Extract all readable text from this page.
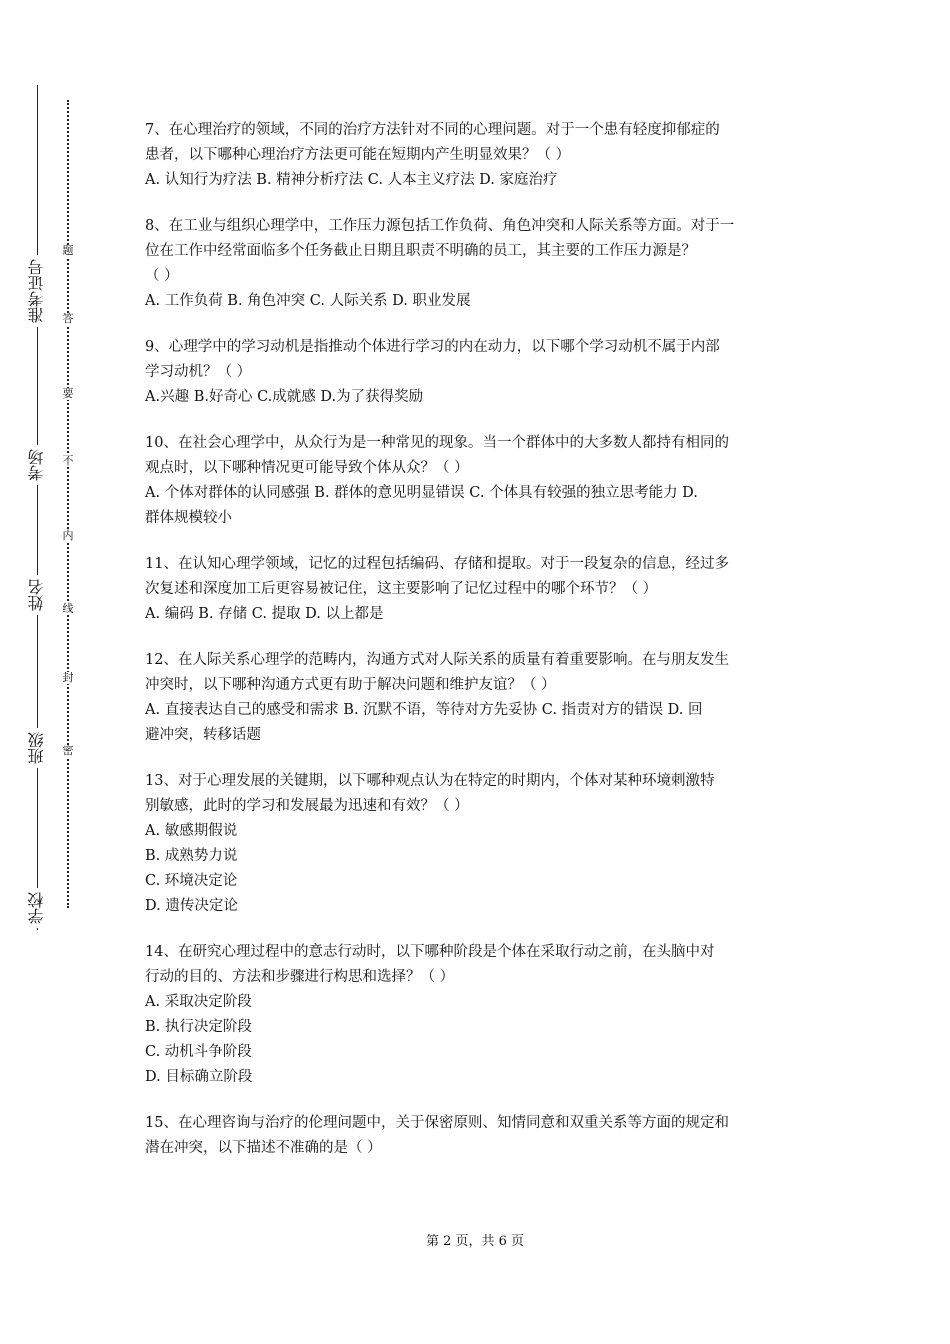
准考证号
考场
姓名
班级
学校
题
答
要
不
内
线
封
密

7、在心理治疗的领域，不同的治疗方法针对不同的心理问题。对于一个患有轻度抑郁症的

患者，以下哪种心理治疗方法更可能在短期内产生明显效果？（ ）

A. 认知行为疗法 B. 精神分析疗法 C. 人本主义疗法 D. 家庭治疗

8、在工业与组织心理学中，工作压力源包括工作负荷、角色冲突和人际关系等方面。对于一

位在工作中经常面临多个任务截止日期且职责不明确的员工，其主要的工作压力源是？

（ ）

A. 工作负荷 B. 角色冲突 C. 人际关系 D. 职业发展

9、心理学中的学习动机是指推动个体进行学习的内在动力，以下哪个学习动机不属于内部

学习动机？（ ）

A.兴趣 B.好奇心 C.成就感 D.为了获得奖励

10、在社会心理学中，从众行为是一种常见的现象。当一个群体中的大多数人都持有相同的

观点时，以下哪种情况更可能导致个体从众？（ ）

A. 个体对群体的认同感强 B. 群体的意见明显错误 C. 个体具有较强的独立思考能力 D.

群体规模较小

11、在认知心理学领域，记忆的过程包括编码、存储和提取。对于一段复杂的信息，经过多

次复述和深度加工后更容易被记住，这主要影响了记忆过程中的哪个环节？（ ）

A. 编码 B. 存储 C. 提取 D. 以上都是

12、在人际关系心理学的范畴内，沟通方式对人际关系的质量有着重要影响。在与朋友发生

冲突时，以下哪种沟通方式更有助于解决问题和维护友谊？（ ）

A. 直接表达自己的感受和需求 B. 沉默不语，等待对方先妥协 C. 指责对方的错误 D. 回

避冲突，转移话题

13、对于心理发展的关键期，以下哪种观点认为在特定的时期内，个体对某种环境刺激特

别敏感，此时的学习和发展最为迅速和有效？（ ）

A. 敏感期假说

B. 成熟势力说

C. 环境决定论

D. 遗传决定论

14、在研究心理过程中的意志行动时，以下哪种阶段是个体在采取行动之前，在头脑中对

行动的目的、方法和步骤进行构思和选择？（ ）

A. 采取决定阶段

B. 执行决定阶段

C. 动机斗争阶段

D. 目标确立阶段

15、在心理咨询与治疗的伦理问题中，关于保密原则、知情同意和双重关系等方面的规定和

潜在冲突，以下描述不准确的是（ ）

第 2 页，共 6 页
